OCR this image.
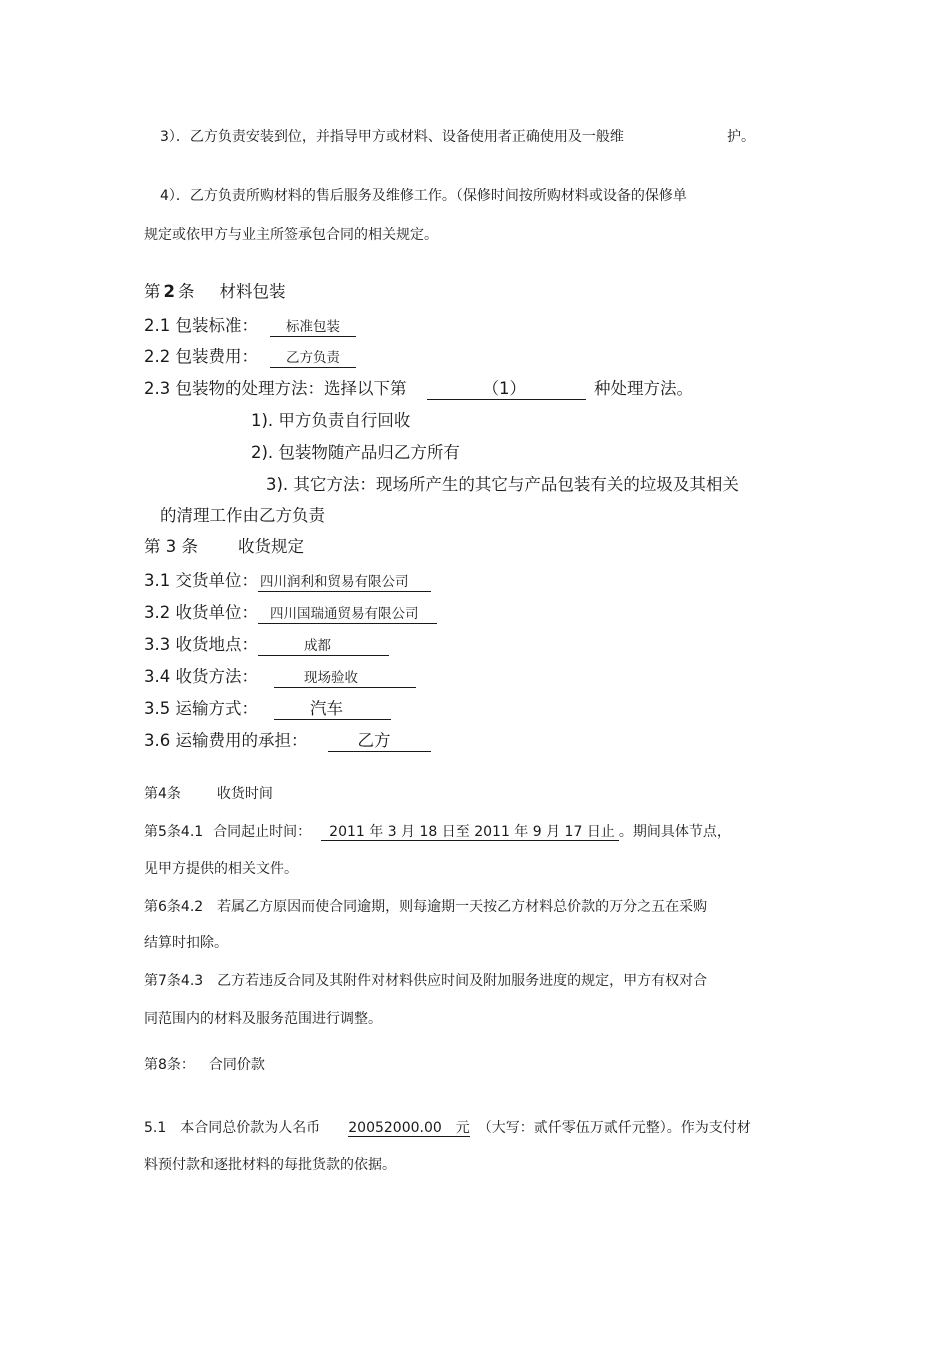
3）．乙方负责安装到位，并指导甲方或材料、设备使用者正确使用及一般维	护。
4）．乙方负责所购材料的售后服务及维修工作。（保修时间按所购材料或设备的保修单
规定或依甲方与业主所签承包合同的相关规定。
第 2 条 材料包装
2.1 包装标准： 标准包装
2.2 包装费用： 乙方负责
2.3 包装物的处理方法：选择以下第	（1）	种处理方法。
1). 甲方负责自行回收
2). 包装物随产品归乙方所有
3). 其它方法：现场所产生的其它与产品包装有关的垃圾及其相关
的清理工作由乙方负责
第 3 条 收货规定
3.1 交货单位： 四川润利和贸易有限公司
3.2 收货单位： 四川国瑞通贸易有限公司
3.3 收货地点：	成都
3.4 收货方法：	现场验收
3.5 运输方式：	汽车
3.6 运输费用的承担：	乙方
第4条	收货时间
第5条4.1 合同起止时间： 2011 年 3 月 18 日至 2011 年 9 月 17 日止 。期间具体节点，
见甲方提供的相关文件。
第6条4.2　若属乙方原因而使合同逾期，则每逾期一天按乙方材料总价款的万分之五在采购
结算时扣除。
第7条4.3　乙方若违反合同及其附件对材料供应时间及附加服务进度的规定，甲方有权对合
同范围内的材料及服务范围进行调整。
第8条： 合同价款
5.1　本合同总价款为人名币 20052000.00　元 （大写：贰仟零伍万贰仟元整）。作为支付材
料预付款和逐批材料的每批货款的依据。
